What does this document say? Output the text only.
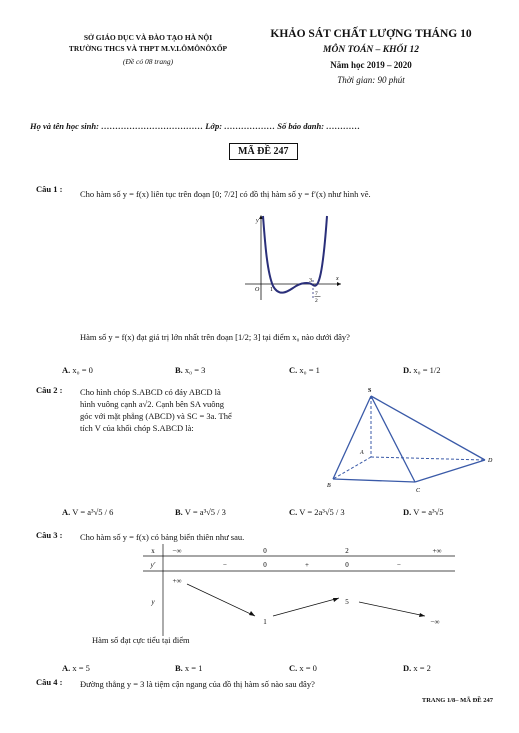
SỞ GIÁO DỤC VÀ ĐÀO TẠO HÀ NỘI
TRƯỜNG THCS VÀ THPT M.V.LÔMÔNÔXỐP
(Đề có 08 trang)
KHẢO SÁT CHẤT LƯỢNG THÁNG 10
MÔN TOÁN – KHỐI 12
Năm học 2019 – 2020
Thời gian: 90 phút
Họ và tên học sinh: ……………………………… Lớp: ……………… Số báo danh: …………
MÃ ĐỀ 247
Câu 1 : Cho hàm số y = f(x) liên tục trên đoạn [0; 7/2] có đồ thị hàm số y = f′(x) như hình vẽ.
y
x
O 1
3
7
2
Hàm số y = f(x) đạt giá trị lớn nhất trên đoạn [1/2; 3] tại điểm x₀ nào dưới đây?
A. x₀ = 0	B. x₀ = 3	C. x₀ = 1	D. x₀ = 1/2
Câu 2 : Cho hình chóp S.ABCD có đáy ABCD là
hình vuông cạnh a√2. Cạnh bên SA vuông
góc với mặt phẳng (ABCD) và SC = 3a. Thể
tích V của khối chóp S.ABCD là:
S
A
B
C
D
A. V = a³√5 / 6	B. V = a³√5 / 3	C. V = 2a³√5 / 3	D. V = a³√5
Câu 3 : Cho hàm số y = f(x) có bảng biến thiên như sau.
x	−∞	0	2	+∞
y′	−	0	+	0	−
y
+∞
1
5
−∞
Hàm số đạt cực tiểu tại điểm
A. x = 5	B. x = 1	C. x = 0	D. x = 2
Câu 4 : Đường thẳng y = 3 là tiệm cận ngang của đồ thị hàm số nào sau đây?
TRANG 1/8– MÃ ĐỀ 247
